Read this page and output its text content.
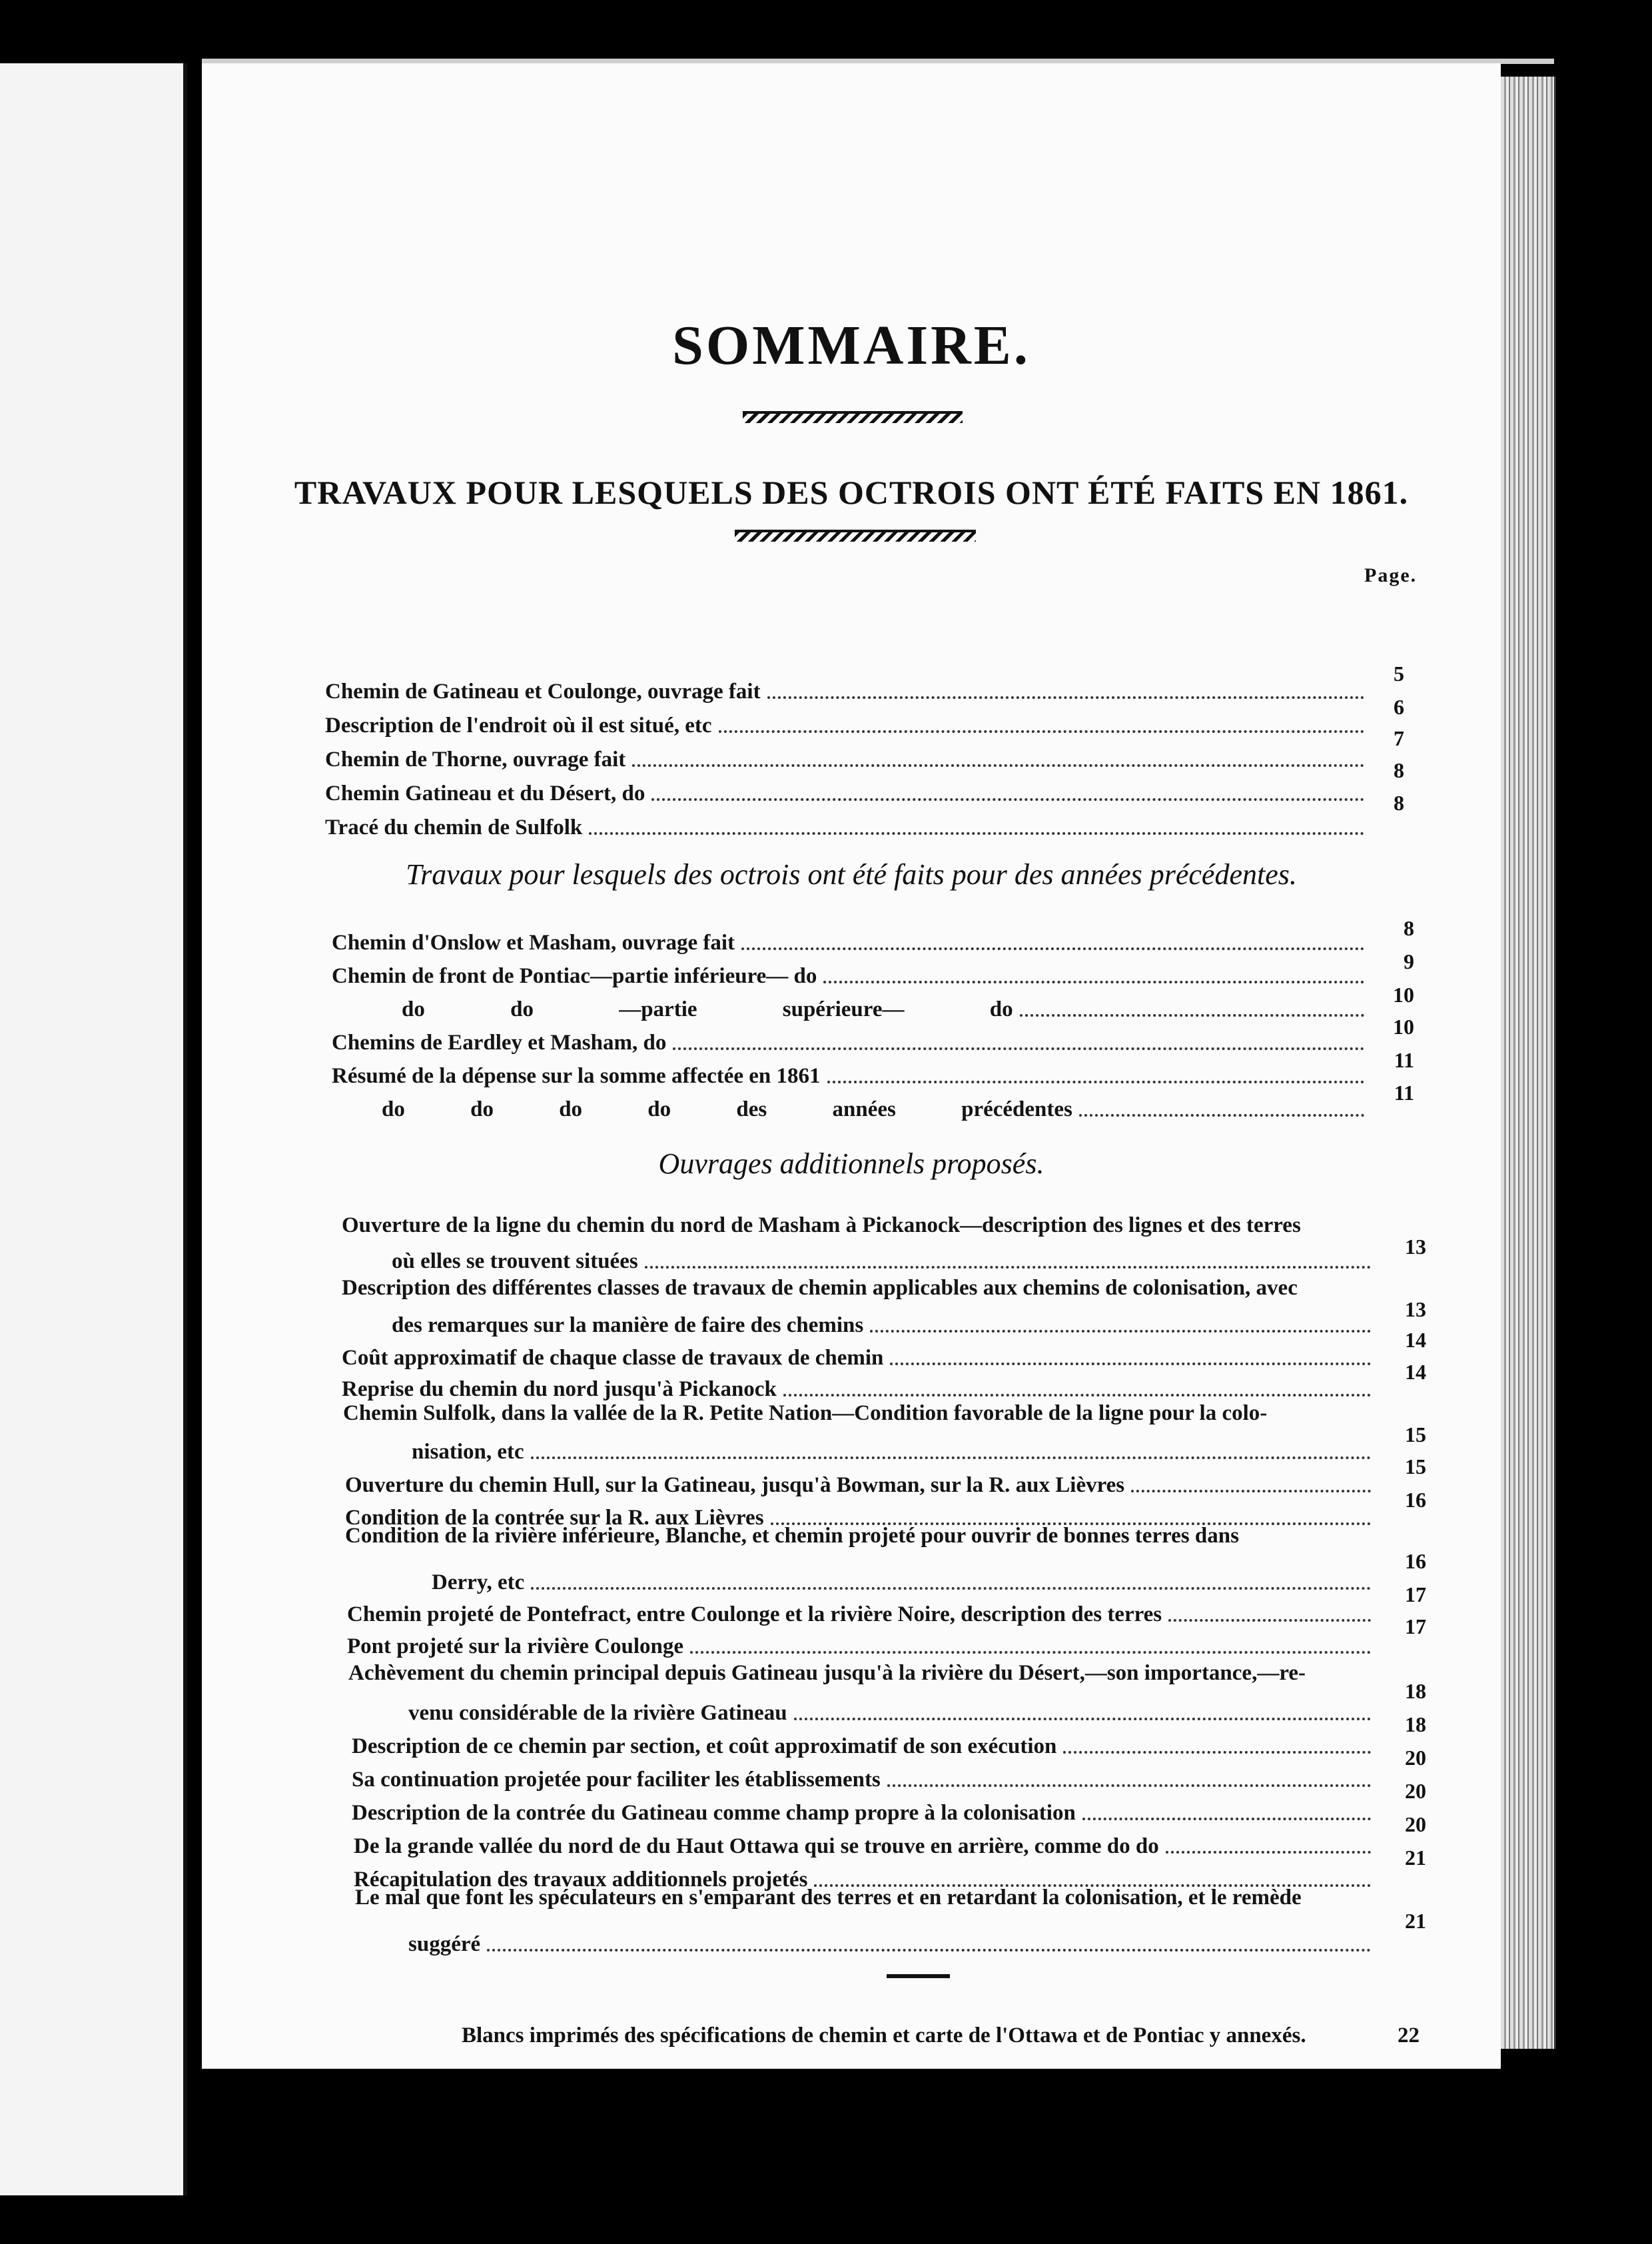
SOMMAIRE.
TRAVAUX POUR LESQUELS DES OCTROIS ONT ÉTÉ FAITS EN 1861.
Page.
Chemin de Gatineau et Coulonge, ouvrage fait
5
Description de l'endroit où il est situé, etc
6
Chemin de Thorne, ouvrage fait
7
Chemin Gatineau et du Désert, do
8
Tracé du chemin de Sulfolk
8
Travaux pour lesquels des octrois ont été faits pour des années précédentes.
Chemin d'Onslow et Masham, ouvrage fait
8
Chemin de front de Pontiac—partie inférieure— do
9
do do —partie supérieure— do
10
Chemins de Eardley et Masham, do
10
Résumé de la dépense sur la somme affectée en 1861
11
do do do do des années précédentes
11
Ouvrages additionnels proposés.
Ouverture de la ligne du chemin du nord de Masham à Pickanock—description des lignes et des terres
où elles se trouvent situées
13
Description des différentes classes de travaux de chemin applicables aux chemins de colonisation, avec
des remarques sur la manière de faire des chemins
13
Coût approximatif de chaque classe de travaux de chemin
14
Reprise du chemin du nord jusqu'à Pickanock
14
Chemin Sulfolk, dans la vallée de la R. Petite Nation—Condition favorable de la ligne pour la colo-
nisation, etc
15
Ouverture du chemin Hull, sur la Gatineau, jusqu'à Bowman, sur la R. aux Lièvres
15
Condition de la contrée sur la R. aux Lièvres
16
Condition de la rivière inférieure, Blanche, et chemin projeté pour ouvrir de bonnes terres dans
Derry, etc
16
Chemin projeté de Pontefract, entre Coulonge et la rivière Noire, description des terres
17
Pont projeté sur la rivière Coulonge
17
Achèvement du chemin principal depuis Gatineau jusqu'à la rivière du Désert,—son importance,—re-
venu considérable de la rivière Gatineau
18
Description de ce chemin par section, et coût approximatif de son exécution
18
Sa continuation projetée pour faciliter les établissements
20
Description de la contrée du Gatineau comme champ propre à la colonisation
20
De la grande vallée du nord de du Haut Ottawa qui se trouve en arrière, comme do do
20
Récapitulation des travaux additionnels projetés
21
Le mal que font les spéculateurs en s'emparant des terres et en retardant la colonisation, et le remède
suggéré
21
Blancs imprimés des spécifications de chemin et carte de l'Ottawa et de Pontiac y annexés.	22
